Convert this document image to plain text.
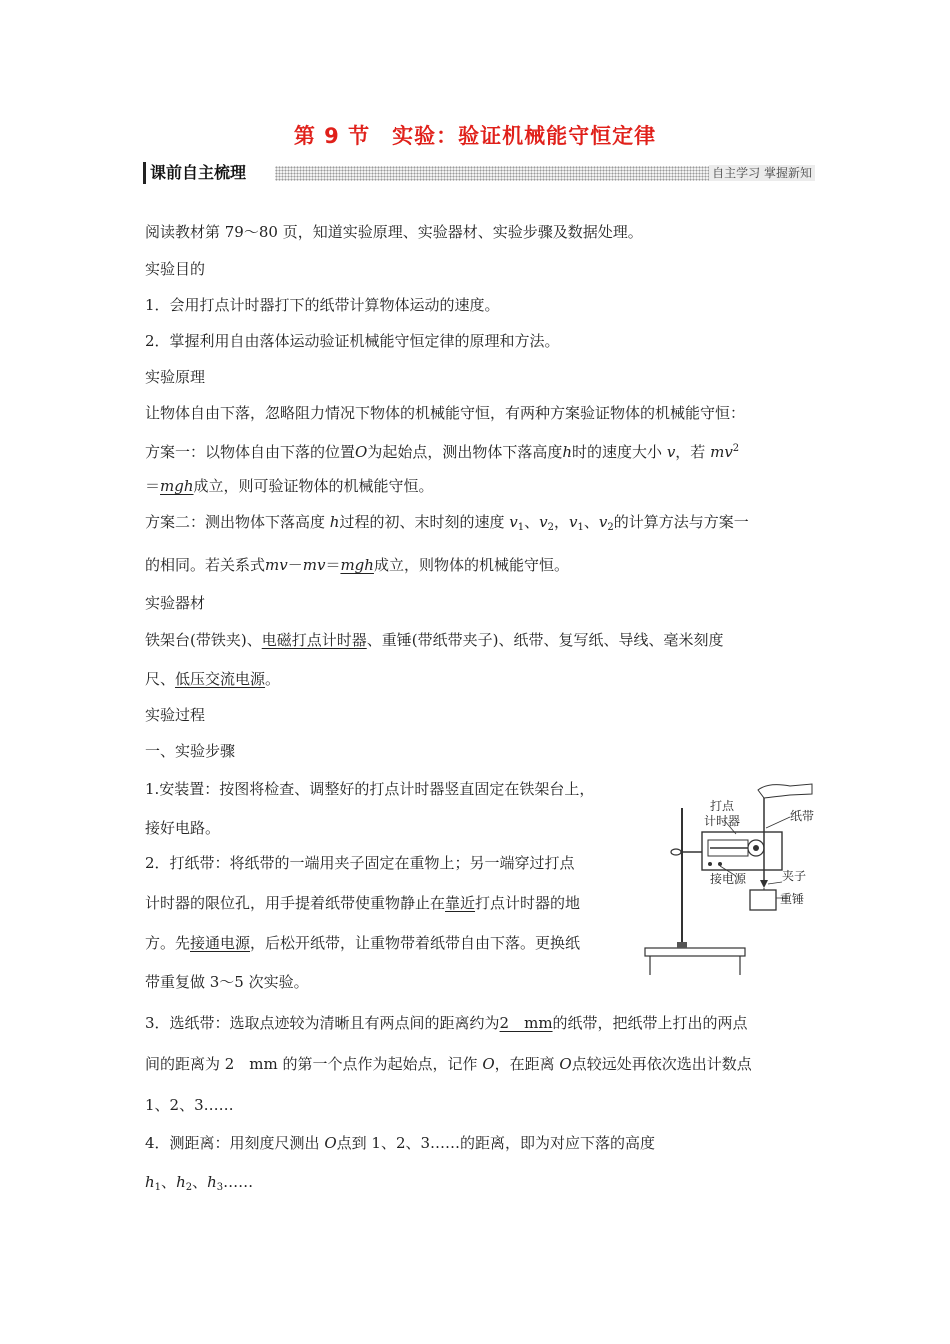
第 9 节　实验：验证机械能守恒定律
课前自主梳理	自主学习 掌握新知
阅读教材第 79～80 页，知道实验原理、实验器材、实验步骤及数据处理。
实验目的
1．会用打点计时器打下的纸带计算物体运动的速度。
2．掌握利用自由落体运动验证机械能守恒定律的原理和方法。
实验原理
让物体自由下落，忽略阻力情况下物体的机械能守恒，有两种方案验证物体的机械能守恒：
方案一：以物体自由下落的位置O为起始点，测出物体下落高度h时的速度大小 v，若 $mv^2$
＝mgh成立，则可验证物体的机械能守恒。
方案二：测出物体下落高度 h过程的初、末时刻的速度 $v_1$、$v_2$，$v_1$、$v_2$的计算方法与方案一
的相同。若关系式mv－mv＝mgh成立，则物体的机械能守恒。
实验器材
铁架台(带铁夹)、电磁打点计时器、重锤(带纸带夹子)、纸带、复写纸、导线、毫米刻度
尺、低压交流电源。
实验过程
一、实验步骤
1.安装置：按图将检查、调整好的打点计时器竖直固定在铁架台上，
接好电路。
2．打纸带：将纸带的一端用夹子固定在重物上；另一端穿过打点
计时器的限位孔，用手提着纸带使重物静止在靠近打点计时器的地
方。先接通电源，后松开纸带，让重物带着纸带自由下落。更换纸
带重复做 3～5 次实验。
3．选纸带：选取点迹较为清晰且有两点间的距离约为2　mm的纸带，把纸带上打出的两点
间的距离为 2　mm 的第一个点作为起始点，记作 O，在距离 O点较远处再依次选出计数点
1、2、3……
4．测距离：用刻度尺测出 O点到 1、2、3……的距离，即为对应下落的高度
$h_1$、$h_2$、$h_3\dots\dots$
打点
计时器	纸带
接电源	夹子
重锤
